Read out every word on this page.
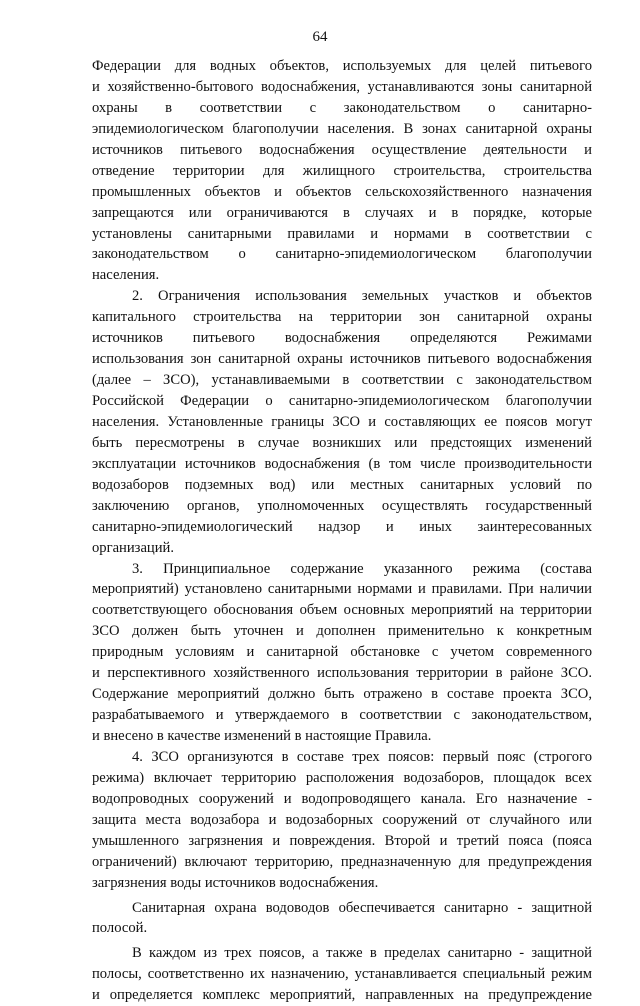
64
Федерации для водных объектов, используемых для целей питьевого
и хозяйственно-бытового водоснабжения, устанавливаются зоны санитарной
охраны в соответствии с законодательством о санитарно-
эпидемиологическом благополучии населения. В зонах санитарной охраны
источников питьевого водоснабжения осуществление деятельности и
отведение территории для жилищного строительства, строительства
промышленных объектов и объектов сельскохозяйственного назначения
запрещаются или ограничиваются в случаях и в порядке, которые
установлены санитарными правилами и нормами в соответствии с
законодательством о санитарно-эпидемиологическом благополучии
населения.
2. Ограничения использования земельных участков и объектов
капитального строительства на территории зон санитарной охраны
источников питьевого водоснабжения определяются Режимами
использования зон санитарной охраны источников питьевого водоснабжения
(далее – ЗСО), устанавливаемыми в соответствии с законодательством
Российской Федерации о санитарно-эпидемиологическом благополучии
населения. Установленные границы ЗСО и составляющих ее поясов могут
быть пересмотрены в случае возникших или предстоящих изменений
эксплуатации источников водоснабжения (в том числе производительности
водозаборов подземных вод) или местных санитарных условий по
заключению органов, уполномоченных осуществлять государственный
санитарно-эпидемиологический надзор и иных заинтересованных
организаций.
3. Принципиальное содержание указанного режима (состава
мероприятий) установлено санитарными нормами и правилами. При наличии
соответствующего обоснования объем основных мероприятий на территории
ЗСО должен быть уточнен и дополнен применительно к конкретным
природным условиям и санитарной обстановке с учетом современного
и перспективного хозяйственного использования территории в районе ЗСО.
Содержание мероприятий должно быть отражено в составе проекта ЗСО,
разрабатываемого и утверждаемого в соответствии с законодательством,
и внесено в качестве изменений в настоящие Правила.
4. ЗСО организуются в составе трех поясов: первый пояс (строгого
режима) включает территорию расположения водозаборов, площадок всех
водопроводных сооружений и водопроводящего канала. Его назначение -
защита места водозабора и водозаборных сооружений от случайного или
умышленного загрязнения и повреждения. Второй и третий пояса (пояса
ограничений) включают территорию, предназначенную для предупреждения
загрязнения воды источников водоснабжения.
Санитарная охрана водоводов обеспечивается санитарно - защитной
полосой.
В каждом из трех поясов, а также в пределах санитарно - защитной
полосы, соответственно их назначению, устанавливается специальный режим
и определяется комплекс мероприятий, направленных на предупреждение
